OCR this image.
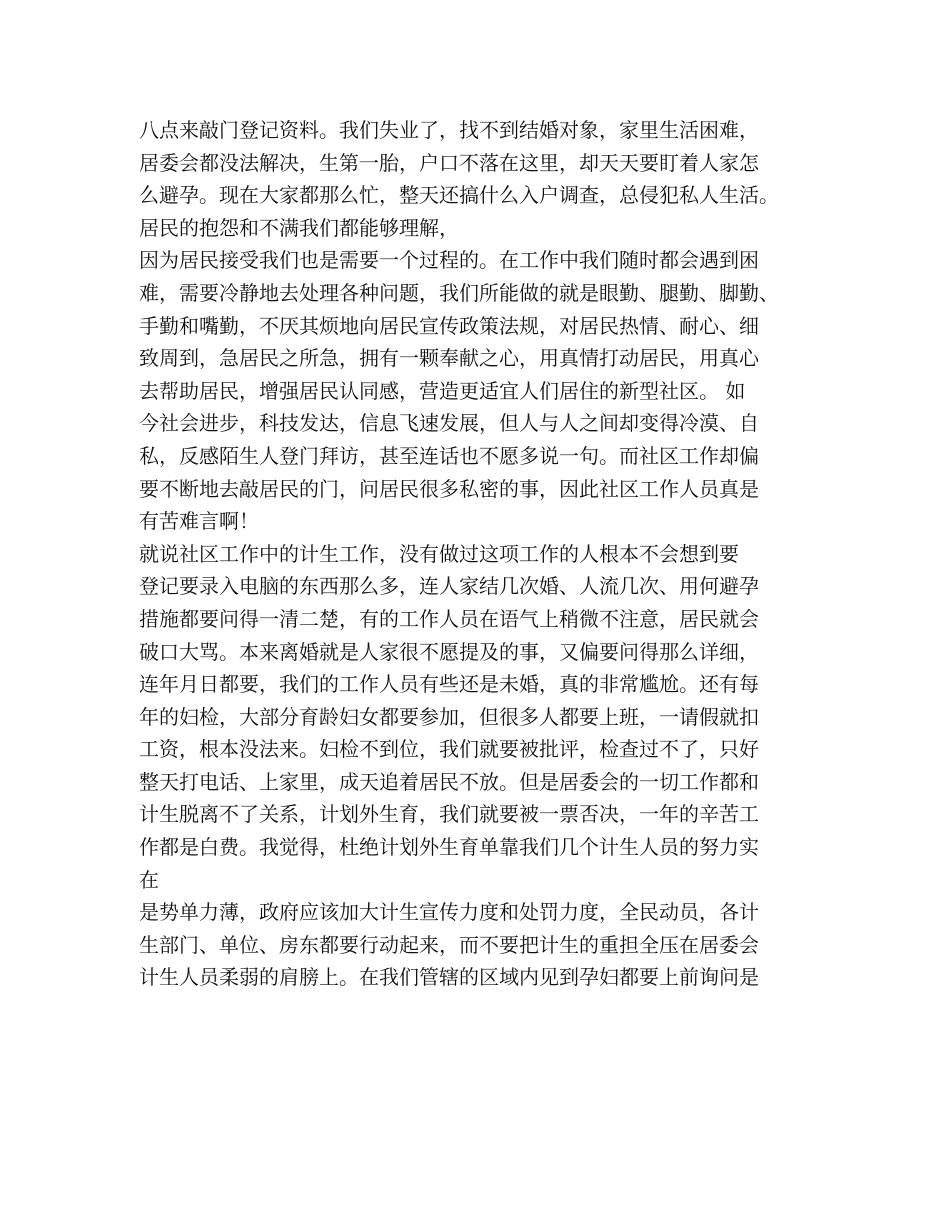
八点来敲门登记资料。我们失业了，找不到结婚对象，家里生活困难，
居委会都没法解决，生第一胎，户口不落在这里，却天天要盯着人家怎
么避孕。现在大家都那么忙，整天还搞什么入户调查，总侵犯私人生活。
居民的抱怨和不满我们都能够理解，
因为居民接受我们也是需要一个过程的。在工作中我们随时都会遇到困
难，需要冷静地去处理各种问题，我们所能做的就是眼勤、腿勤、脚勤、
手勤和嘴勤，不厌其烦地向居民宣传政策法规，对居民热情、耐心、细
致周到，急居民之所急，拥有一颗奉献之心，用真情打动居民，用真心
去帮助居民，增强居民认同感，营造更适宜人们居住的新型社区。 如
今社会进步，科技发达，信息飞速发展，但人与人之间却变得冷漠、自
私，反感陌生人登门拜访，甚至连话也不愿多说一句。而社区工作却偏
要不断地去敲居民的门，问居民很多私密的事，因此社区工作人员真是
有苦难言啊！
就说社区工作中的计生工作，没有做过这项工作的人根本不会想到要
登记要录入电脑的东西那么多，连人家结几次婚、人流几次、用何避孕
措施都要问得一清二楚，有的工作人员在语气上稍微不注意，居民就会
破口大骂。本来离婚就是人家很不愿提及的事，又偏要问得那么详细，
连年月日都要，我们的工作人员有些还是未婚，真的非常尴尬。还有每
年的妇检，大部分育龄妇女都要参加，但很多人都要上班，一请假就扣
工资，根本没法来。妇检不到位，我们就要被批评，检查过不了，只好
整天打电话、上家里，成天追着居民不放。但是居委会的一切工作都和
计生脱离不了关系，计划外生育，我们就要被一票否决，一年的辛苦工
作都是白费。我觉得，杜绝计划外生育单靠我们几个计生人员的努力实
在
是势单力薄，政府应该加大计生宣传力度和处罚力度，全民动员，各计
生部门、单位、房东都要行动起来，而不要把计生的重担全压在居委会
计生人员柔弱的肩膀上。在我们管辖的区域内见到孕妇都要上前询问是
